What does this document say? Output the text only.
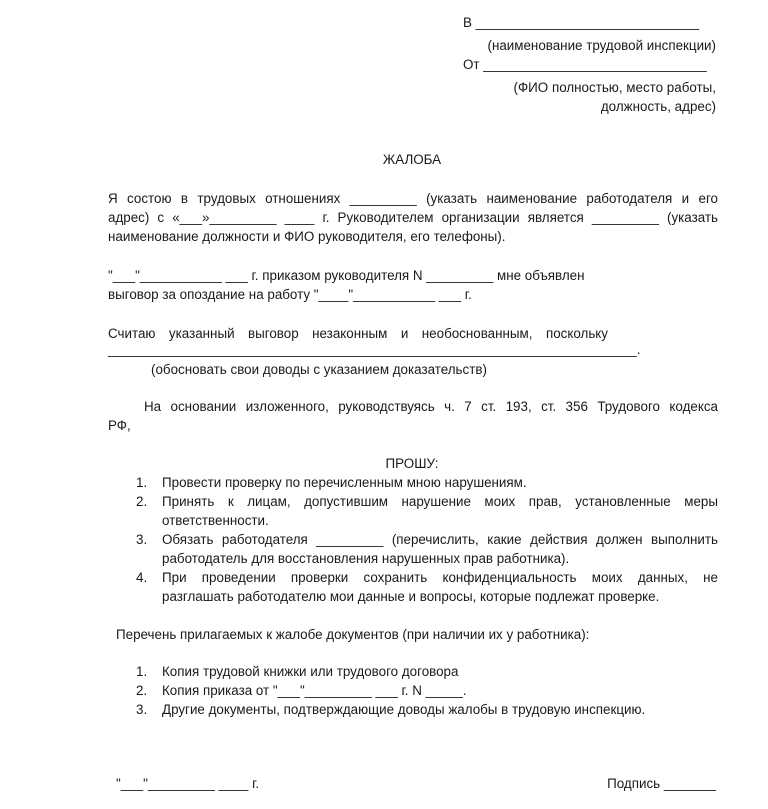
В ______________________________
(наименование трудовой инспекции)
От ______________________________
(ФИО полностью, место работы,
должность, адрес)
ЖАЛОБА
Я состою в трудовых отношениях _________ (указать наименование работодателя и его
адрес) с «___»_________ ____ г. Руководителем организации является _________ (указать
наименование должности и ФИО руководителя, его телефоны).
"___"___________ ___ г. приказом руководителя N _________ мне объявлен
выговор за опоздание на работу "____"___________ ___ г.
Считаю указанный выговор незаконным и необоснованным, поскольку
_______________________________________________________________________.
(обосновать свои доводы с указанием доказательств)
На основании изложенного, руководствуясь ч. 7 ст. 193, ст. 356 Трудового кодекса
РФ,
ПРОШУ:
1. Провести проверку по перечисленным мною нарушениям.
2. Принять к лицам, допустившим нарушение моих прав, установленные меры
ответственности.
3. Обязать работодателя _________ (перечислить, какие действия должен выполнить
работодатель для восстановления нарушенных прав работника).
4. При проведении проверки сохранить конфиденциальность моих данных, не
разглашать работодателю мои данные и вопросы, которые подлежат проверке.
Перечень прилагаемых к жалобе документов (при наличии их у работника):
1. Копия трудовой книжки или трудового договора
2. Копия приказа от "___"_________ ___ г. N _____.
3. Другие документы, подтверждающие доводы жалобы в трудовую инспекцию.
"___"_________ ____ г.	Подпись _______
